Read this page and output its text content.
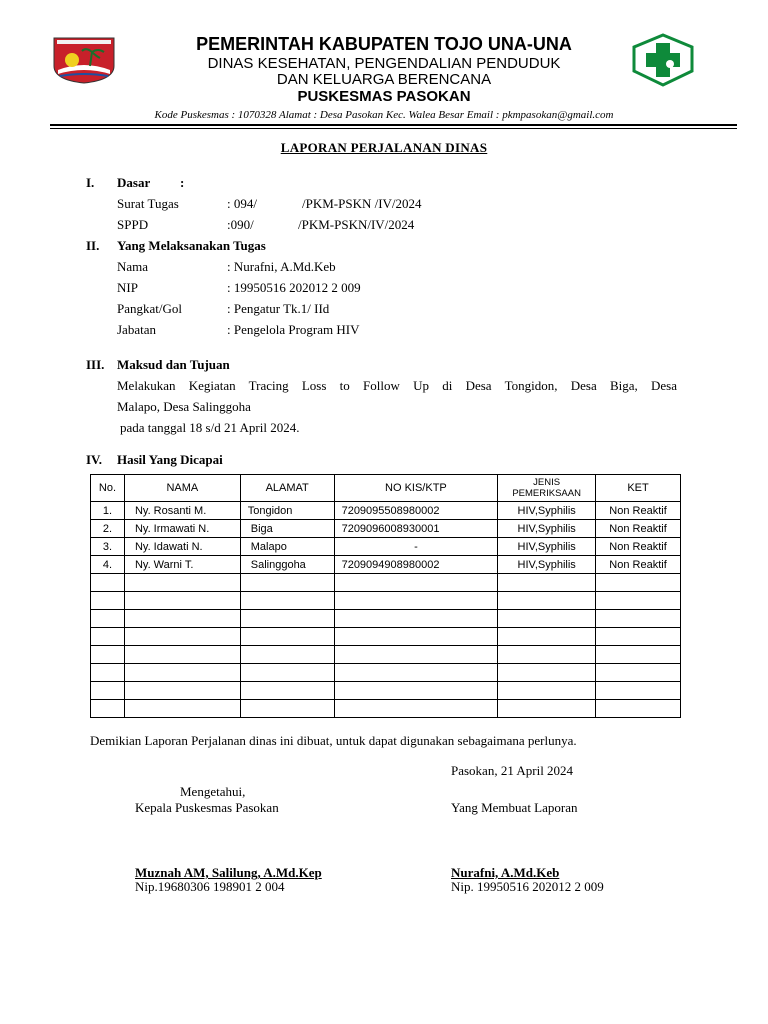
PEMERINTAH KABUPATEN TOJO UNA-UNA
DINAS KESEHATAN, PENGENDALIAN PENDUDUK
DAN KELUARGA BERENCANA
PUSKESMAS PASOKAN
Kode Puskesmas : 1070328 Alamat : Desa Pasokan Kec. Walea Besar Email : pkmpasokan@gmail.com
LAPORAN PERJALANAN DINAS
I. Dasar :
Surat Tugas	: 094/	/PKM-PSKN /IV/2024
SPPD	:090/	/PKM-PSKN/IV/2024
II. Yang Melaksanakan Tugas
Nama	: Nurafni, A.Md.Keb
NIP	: 19950516 202012 2 009
Pangkat/Gol	: Pengatur Tk.1/ IId
Jabatan	: Pengelola Program HIV
III. Maksud dan Tujuan
Melakukan Kegiatan Tracing Loss to Follow Up di Desa Tongidon, Desa Biga, Desa
Malapo, Desa Salinggoha
pada tanggal 18 s/d 21 April 2024.
IV. Hasil Yang Dicapai
No.	NAMA	ALAMAT	NO KIS/KTP	JENIS
PEMERIKSAAN	KET
1.	Ny. Rosanti M.	Tongidon	7209095508980002	HIV,Syphilis	Non Reaktif
2.	Ny. Irmawati N.	Biga	7209096008930001	HIV,Syphilis	Non Reaktif
3.	Ny. Idawati N.	Malapo	-	HIV,Syphilis	Non Reaktif
4.	Ny. Warni T.	Salinggoha	7209094908980002	HIV,Syphilis	Non Reaktif

Demikian Laporan Perjalanan dinas ini dibuat, untuk dapat digunakan sebagaimana perlunya.
Pasokan, 21 April 2024
Mengetahui,
Kepala Puskesmas Pasokan	Yang Membuat Laporan
Muznah AM, Salilung, A.Md.Kep
Nip.19680306 198901 2 004
Nurafni, A.Md.Keb
Nip. 19950516 202012 2 009
